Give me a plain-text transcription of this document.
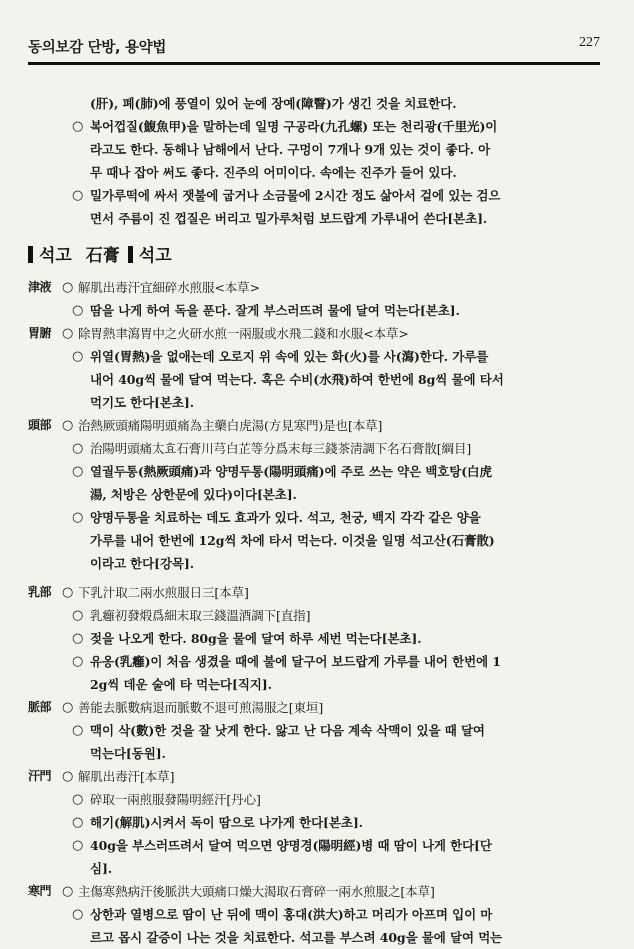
동의보감 단방, 용약법	227
(肝), 폐(肺)에 풍열이 있어 눈에 장예(障瞖)가 생긴 것을 치료한다.
○ 복어껍질(鰒魚甲)을 말하는데 일명 구공라(九孔螺) 또는 천리광(千里光)이
라고도 한다. 동해나 남해에서 난다. 구멍이 7개나 9개 있는 것이 좋다. 아
무 때나 잡아 써도 좋다. 진주의 어미이다. 속에는 진주가 들어 있다.
○ 밀가루떡에 싸서 잿불에 굽거나 소금물에 2시간 정도 삶아서 겉에 있는 검으
면서 주름이 진 껍질은 버리고 밀가루처럼 보드랍게 가루내어 쓴다[본초].
석고 石膏 석고
津液 ○ 解肌出毒汗宜細碎水煎服<本草>
○ 땀을 나게 하여 독을 푼다. 잘게 부스러뜨려 물에 달여 먹는다[본초].
胃腑 ○ 除胃熱聿瀉胃中之火研水煎一兩服或水飛二錢和水服<本草>
○ 위열(胃熱)을 없애는데 오로지 위 속에 있는 화(火)를 사(瀉)한다. 가루를
내어 40g씩 물에 달여 먹는다. 혹은 수비(水飛)하여 한번에 8g씩 물에 타서
먹기도 한다[본초].
頭部 ○ 治熱厥頭痛陽明頭痛為主藥白虎湯(方見寒門)是也[本草]
○ 治陽明頭痛太효石膏川芎白芷等分爲末每三錢茶淸調下名石膏散[綱目]
○ 열궐두통(熱厥頭痛)과 양명두통(陽明頭痛)에 주로 쓰는 약은 백호탕(白虎
湯, 처방은 상한문에 있다)이다[본초].
○ 양명두통을 치료하는 데도 효과가 있다. 석고, 천궁, 백지 각각 같은 양을
가루를 내어 한번에 12g씩 차에 타서 먹는다. 이것을 일명 석고산(石膏散)
이라고 한다[강목].
乳部 ○ 下乳汁取二兩水煎服日三[本草]
○ 乳癰初發煅爲細末取三錢溫酒調下[直指]
○ 젖을 나오게 한다. 80g을 물에 달여 하루 세번 먹는다[본초].
○ 유옹(乳癰)이 처음 생겼을 때에 불에 달구어 보드랍게 가루를 내어 한번에 1
2g씩 데운 술에 타 먹는다[직지].
脈部 ○ 善能去脈數病退而脈數不退可煎湯服之[東垣]
○ 맥이 삭(數)한 것을 잘 낫게 한다. 앓고 난 다음 계속 삭맥이 있을 때 달여
먹는다[동원].
汗門 ○ 解肌出毒汗[本草]
○ 碎取一兩煎服發陽明經汗[丹心]
○ 해기(解肌)시켜서 독이 땀으로 나가게 한다[본초].
○ 40g을 부스러뜨려서 달여 먹으면 양명경(陽明經)병 때 땀이 나게 한다[단
심].
寒門 ○ 主傷寒熱病汗後脈洪大頭痛口燥大渴取石膏碎一兩水煎服之[本草]
○ 상한과 열병으로 땀이 난 뒤에 맥이 홍대(洪大)하고 머리가 아프며 입이 마
르고 몹시 갈증이 나는 것을 치료한다. 석고를 부스려 40g을 물에 달여 먹는
